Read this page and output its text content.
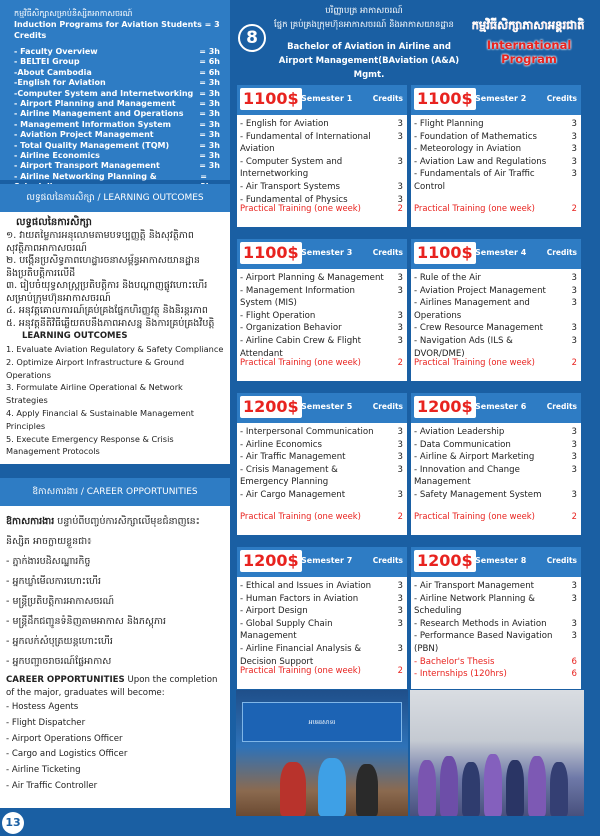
កម្មវិធីសិក្សាសម្រាប់និស្សិតអាកាសចរណ៍
Induction Programs for Aviation Students = 3 Credits
- Faculty Overview	= 3h
- BELTEI Group	= 6h
-About Cambodia	= 6h
-English for Aviation	= 3h
-Computer System and Internetworking = 3h
- Airport Planning and Management	= 3h
- Airline Management and Operations = 3h
- Management Information System	= 3h
- Aviation Project Management	= 3h
- Total Quality Management (TQM)	= 3h
- Airline Economics	= 3h
- Airport Transport Management	= 3h
- Airline Networking Planning &	=
លទ្ធផលនៃការសិក្សា / LEARNING OUTCOMES
លទ្ធផលនៃការសិក្សា
១. វាយតម្លៃការអនុលោមតាមបទប្បញ្ញត្តិ និងសុវត្ថិភាព
សុវត្ថិភាពអាកាសចរណ៍
២. បង្កើនប្រសិទ្ធភាពហេដ្ឋារចនាសម្ព័ន្ធអាកាសយានដ្ឋាន
និងប្រតិបត្តិការលើដី
៣. រៀបចំយុទ្ធសាស្ត្រប្រតិបត្តិការ និងបណ្តាញផ្លូវហោះហើរ
សម្រាប់ក្រុមហ៊ុនអាកាសចរណ៍
៤. អនុវត្តគោលការណ៍គ្រប់គ្រងផ្នែកហិរញ្ញវត្ថុ និងនិរន្តរភាព
៥. អនុវត្តនីតិវិធីឆ្លើយតបនឹងភាពអាសន្ន និងការគ្រប់គ្រងវិបត្តិ
LEARNING OUTCOMES
1. Evaluate Aviation Regulatory & Safety Compliance
2. Optimize Airport Infrastructure & Ground
Operations
3. Formulate Airline Operational & Network Strategies
4. Apply Financial & Sustainable Management Principles
5. Execute Emergency Response & Crisis
Management Protocols
ឱកាសការងារ / CAREER OPPORTUNITIES
ឱកាសការងារ បន្ទាប់ពីបញ្ចប់ការសិក្សាលើមុខជំនាញនេះ
និស្សិត អាចក្លាយខ្លួនជា៖
- ភ្នាក់ងារបដិសណ្ឋារកិច្ច
- អ្នកឃ្លាំមើលការហោះហើរ
- មន្ត្រីប្រតិបត្តិការអាកាសចរណ៍
- មន្ត្រីដឹកជញ្ជូនទំនិញតាមអាកាស និងភស្តុភារ
- អ្នកលក់សំបុត្រយន្តហោះហើរ
- អ្នកបញ្ជាចរាចរណ៍ផ្លែអាកាស
CAREER OPPORTUNITIES Upon the completion of the major, graduates will become:
- Hostess Agents
- Flight Dispatcher
- Airport Operations Officer
- Cargo and Logistics Officer
- Airline Ticketing
- Air Traffic Controller
13
8
បរិញ្ញាបត្រ អាកាសចរណ៍
ផ្នែក គ្រប់គ្រងក្រុមហ៊ុនអាកាសចរណ៍ និងអាកាសយានដ្ឋាន
Bachelor of Aviation in Airline and Airport Management(BAviation (A&A) Mgmt.
កម្មវិធីសិក្សាភាសាអន្តរជាតិ
International Program
1100$ Semester 1	Credits
- English for Aviation	3
- Fundamental of International Aviation
3
- Computer System and Internetworking
3
- Air Transport Systems	3
- Fundamental of Physics	3
Practical Training (one week)	2
1100$ Semester 2	Credits
- Flight Planning	3
- Foundation of Mathematics	3
- Meteorology in Aviation	3
- Aviation Law and Regulations	3
- Fundamentals of Air Traffic Control
3
Practical Training (one week)	2
1100$ Semester 3	Credits
- Airport Planning & Management	3
- Management Information System (MIS)
3
- Flight Operation	3
- Organization Behavior	3
- Airline Cabin Crew & Flight Attendant
3
Practical Training (one week)	2
1100$ Semester 4	Credits
- Rule of the Air	3
- Aviation Project Management	3
- Airlines Management and Operations
3
- Crew Resource Management	3
- Navigation Ads (ILS & DVOR/DME)
3
Practical Training (one week)	2
1200$ Semester 5	Credits
- Interpersonal Communication	3
- Airline Economics	3
- Air Traffic Management	3
- Crisis Management & Emergency Planning
3
- Air Cargo Management	3
Practical Training (one week)	2
1200$ Semester 6	Credits
- Aviation Leadership	3
- Data Communication	3
- Airline & Airport Marketing	3
- Innovation and Change Management
3
- Safety Management System	3
Practical Training (one week)	2
1200$ Semester 7	Credits
- Ethical and Issues in Aviation	3
- Human Factors in Aviation	3
- Airport Design	3
- Global Supply Chain Management
3
- Airline Financial Analysis & Decision Support
3
Practical Training (one week)	2
1200$ Semester 8	Credits
- Air Transport Management	3
- Airline Network Planning & Scheduling
3
- Research Methods in Aviation	3
- Performance Based Navigation (PBN)
3
- Bachelor's Thesis	6
- Internships (120hrs)	6
អបអរសាទរ
